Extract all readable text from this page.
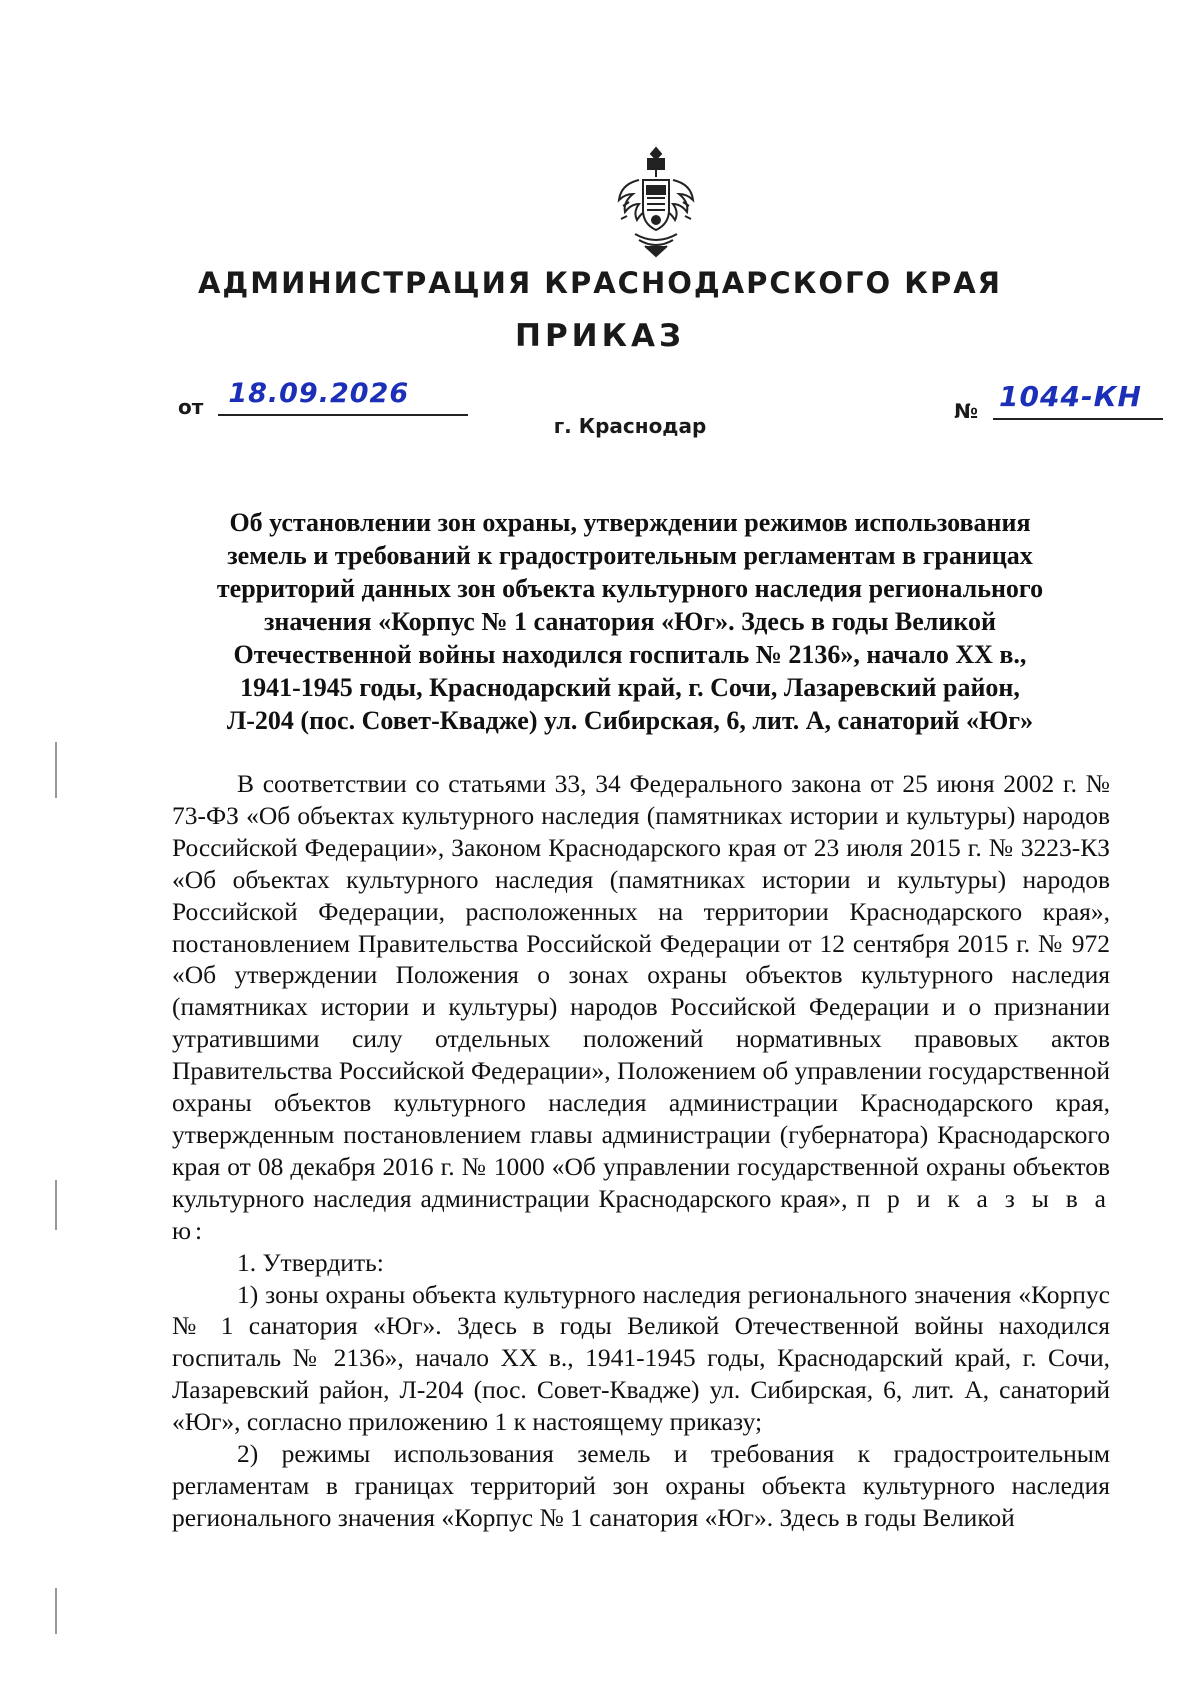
АДМИНИСТРАЦИЯ КРАСНОДАРСКОГО КРАЯ
ПРИКАЗ
от 18.09.2026
№ 1044-КН
г. Краснодар
Об установлении зон охраны, утверждении режимов использования
земель и требований к градостроительным регламентам в границах
территорий данных зон объекта культурного наследия регионального
значения «Корпус № 1 санатория «Юг». Здесь в годы Великой
Отечественной войны находился госпиталь № 2136», начало XX в.,
1941-1945 годы, Краснодарский край, г. Сочи, Лазаревский район,
Л-204 (пос. Совет-Квадже) ул. Сибирская, 6, лит. А, санаторий «Юг»

В соответствии со статьями 33, 34 Федерального закона от 25 июня 2002 г. № 73-ФЗ «Об объектах культурного наследия (памятниках истории и культуры) народов Российской Федерации», Законом Краснодарского края от 23 июля 2015 г. № 3223-КЗ «Об объектах культурного наследия (памятниках истории и культуры) народов Российской Федерации, расположенных на территории Краснодарского края», постановлением Правительства Российской Федерации от 12 сентября 2015 г. № 972 «Об утверждении Положения о зонах охраны объектов культурного наследия (памятниках истории и культуры) народов Российской Федерации и о признании утратившими силу отдельных положений нормативных правовых актов Правительства Российской Федерации», Положением об управлении государственной охраны объектов культурного наследия администрации Краснодарского края, утвержденным постановлением главы администрации (губернатора) Краснодарского края от 08 декабря 2016 г. № 1000 «Об управлении государственной охраны объектов культурного наследия администрации Краснодарского края», п р и к а з ы в а ю:

1. Утвердить:

1) зоны охраны объекта культурного наследия регионального значения «Корпус № 1 санатория «Юг». Здесь в годы Великой Отечественной войны находился госпиталь № 2136», начало XX в., 1941-1945 годы, Краснодарский край, г. Сочи, Лазаревский район, Л-204 (пос. Совет-Квадже) ул. Сибирская, 6, лит. А, санаторий «Юг», согласно приложению 1 к настоящему приказу;

2) режимы использования земель и требования к градостроительным регламентам в границах территорий зон охраны объекта культурного наследия регионального значения «Корпус № 1 санатория «Юг». Здесь в годы Великой
